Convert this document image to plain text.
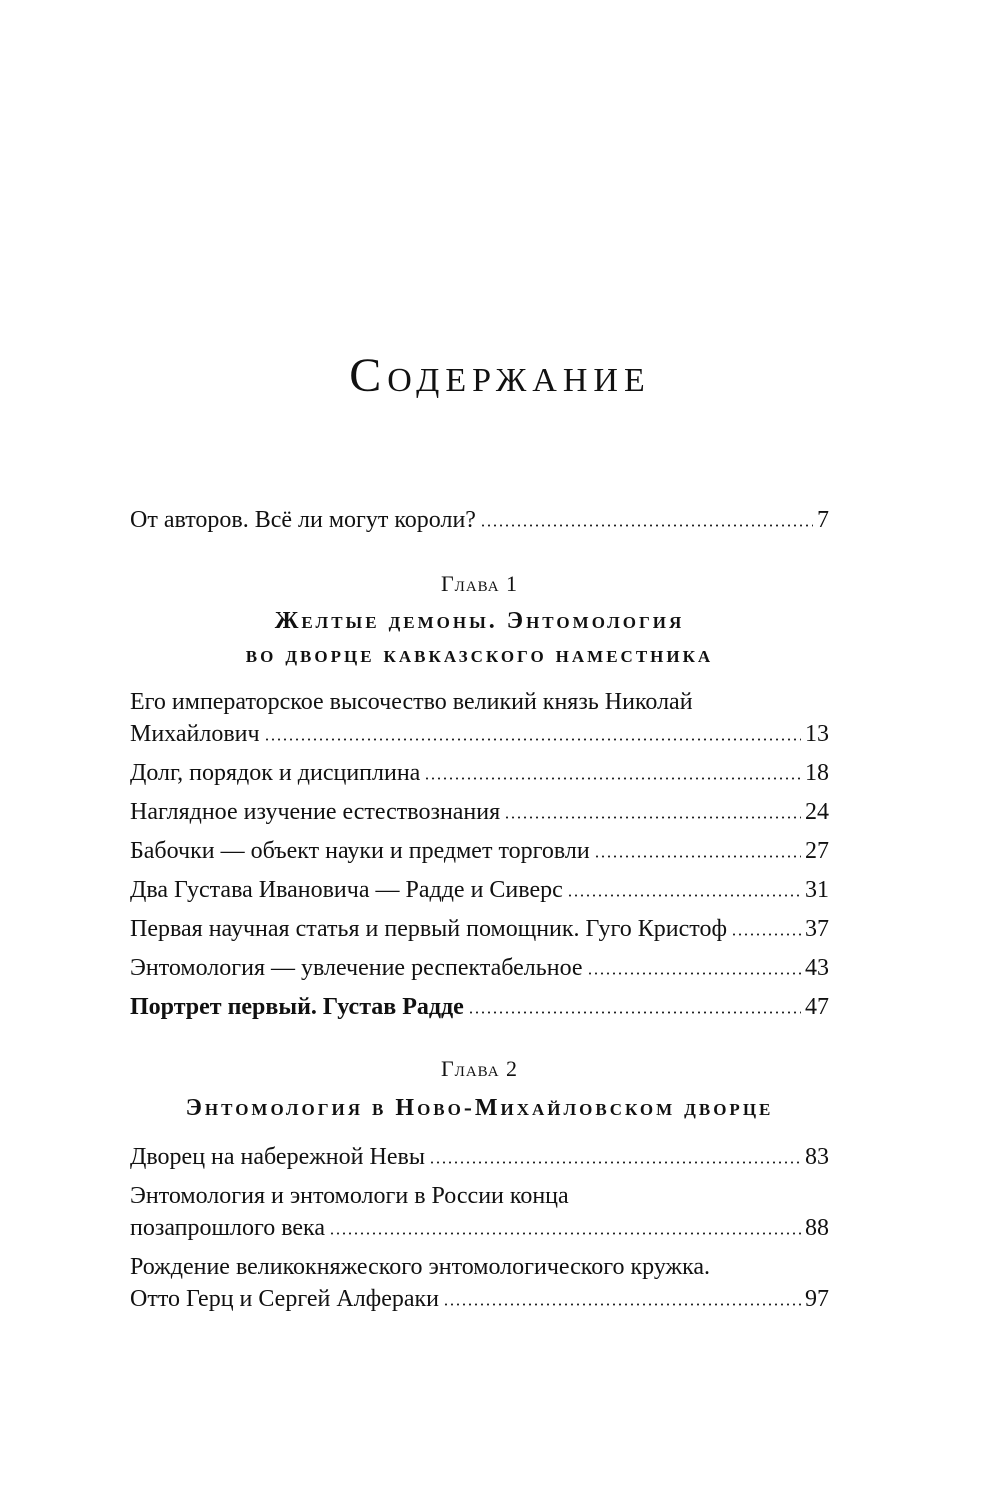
Содержание
От авторов. Всё ли могут короли?	7
Глава 1
Желтые демоны. Энтомология
во дворце кавказского наместника
Его императорское высочество великий князь Николай
Михайлович	13
Долг, порядок и дисциплина	18
Наглядное изучение естествознания	24
Бабочки — объект науки и предмет торговли	27
Два Густава Ивановича — Радде и Сиверс	31
Первая научная статья и первый помощник. Гуго Кристоф	37
Энтомология — увлечение респектабельное	43
Портрет первый. Густав Радде	47
Глава 2
Энтомология в Ново-Михайловском дворце
Дворец на набережной Невы	83
Энтомология и энтомологи в России конца
позапрошлого века	88
Рождение великокняжеского энтомологического кружка.
Отто Герц и Сергей Алфераки	97
